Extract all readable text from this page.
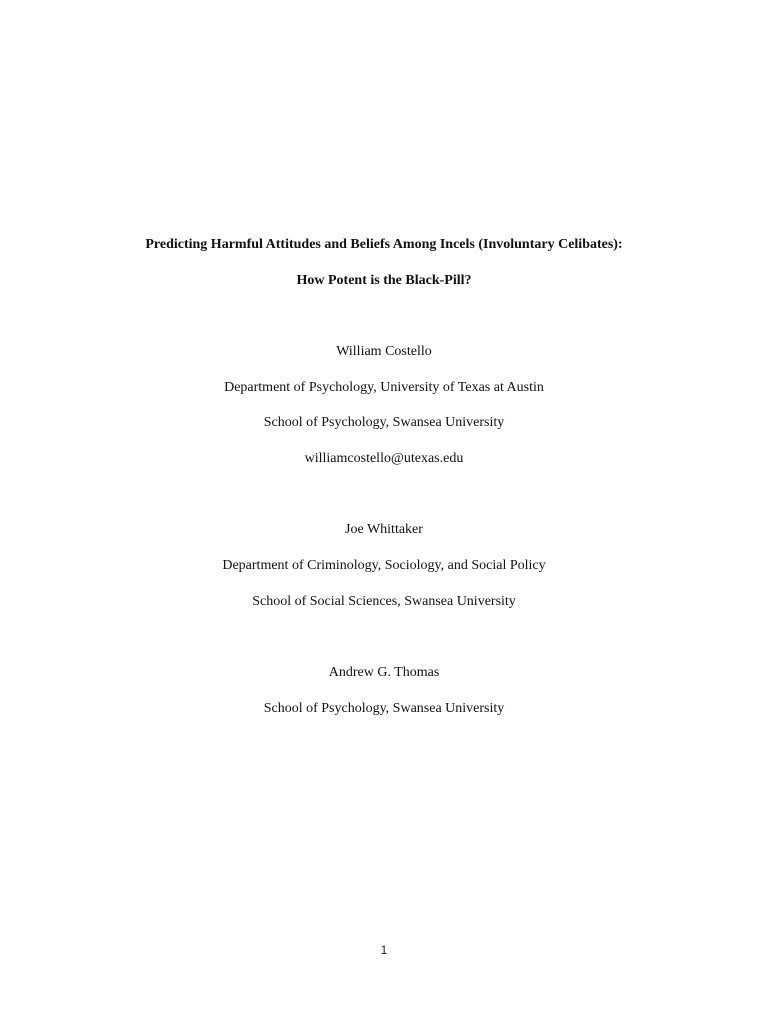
Predicting Harmful Attitudes and Beliefs Among Incels (Involuntary Celibates):
How Potent is the Black-Pill?
William Costello
Department of Psychology, University of Texas at Austin
School of Psychology, Swansea University
williamcostello@utexas.edu
Joe Whittaker
Department of Criminology, Sociology, and Social Policy
School of Social Sciences, Swansea University
Andrew G. Thomas
School of Psychology, Swansea University
1
